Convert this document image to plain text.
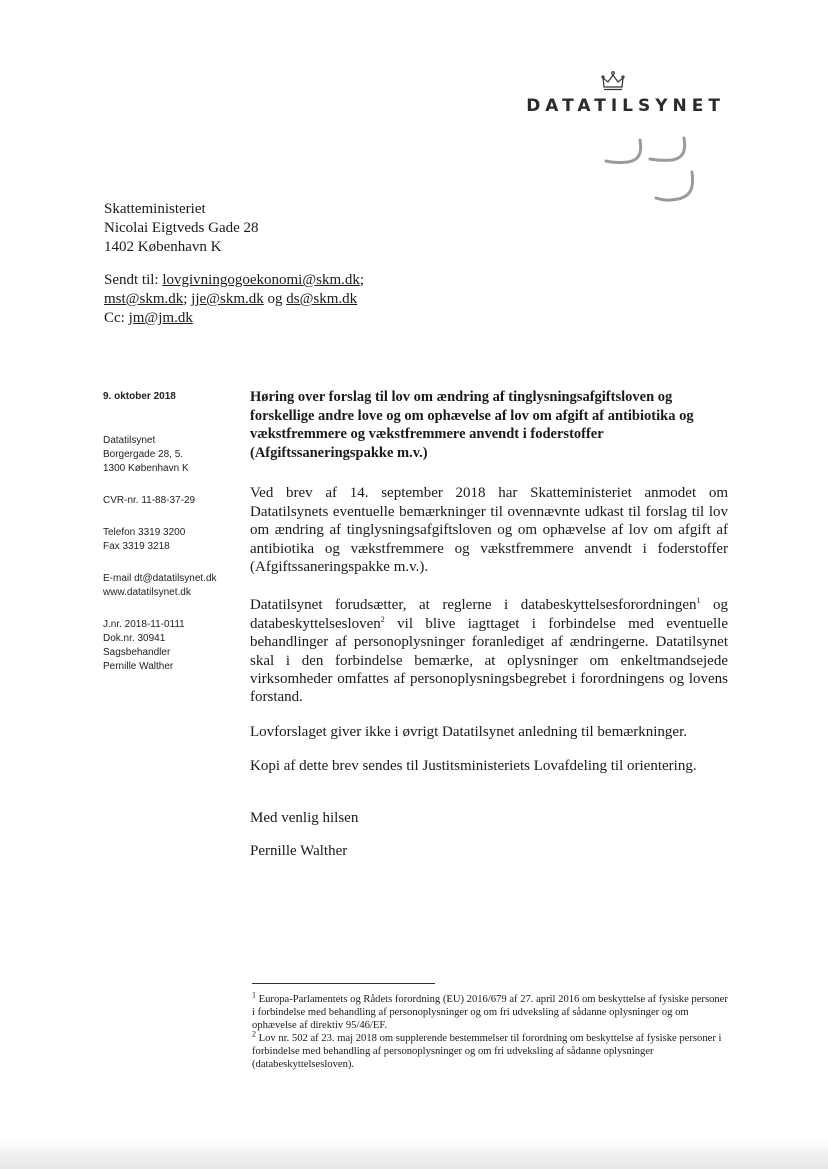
DATATILSYNET
Skatteministeriet
Nicolai Eigtveds Gade 28
1402 København K
Sendt til: lovgivningogoekonomi@skm.dk;
mst@skm.dk; jje@skm.dk og ds@skm.dk
Cc: jm@jm.dk
9. oktober 2018
Datatilsynet
Borgergade 28, 5.
1300 København K
CVR-nr. 11-88-37-29
Telefon 3319 3200
Fax 3319 3218
E-mail dt@datatilsynet.dk
www.datatilsynet.dk
J.nr. 2018-11-0111
Dok.nr. 30941
Sagsbehandler
Pernille Walther

Høring over forslag til lov om ændring af tinglysningsafgiftsloven og forskellige andre love og om ophævelse af lov om afgift af antibiotika og vækstfremmere og vækstfremmere anvendt i foderstoffer (Afgiftssaneringspakke m.v.)

Ved brev af 14. september 2018 har Skatteministeriet anmodet om Datatilsynets eventuelle bemærkninger til ovennævnte udkast til forslag til lov om ændring af tinglysningsafgiftsloven og om ophævelse af lov om afgift af antibiotika og vækstfremmere og vækstfremmere anvendt i foderstoffer (Afgiftssaneringspakke m.v.).

Datatilsynet forudsætter, at reglerne i databeskyttelsesforordningen$^1$ og databeskyttelsesloven$^2$ vil blive iagttaget i forbindelse med eventuelle behandlinger af personoplysninger foranlediget af ændringerne. Datatilsynet skal i den forbindelse bemærke, at oplysninger om enkeltmandsejede virksomheder omfattes af personoplysningsbegrebet i forordningens og lovens forstand.

Lovforslaget giver ikke i øvrigt Datatilsynet anledning til bemærkninger.

Kopi af dette brev sendes til Justitsministeriets Lovafdeling til orientering.

Med venlig hilsen

Pernille Walther

$^1$ Europa-Parlamentets og Rådets forordning (EU) 2016/679 af 27. april 2016 om beskyttelse af fysiske personer i forbindelse med behandling af personoplysninger og om fri udveksling af sådanne oplysninger og om ophævelse af direktiv 95/46/EF.

$^2$ Lov nr. 502 af 23. maj 2018 om supplerende bestemmelser til forordning om beskyttelse af fysiske personer i forbindelse med behandling af personoplysninger og om fri udveksling af sådanne oplysninger (databeskyttelsesloven).
